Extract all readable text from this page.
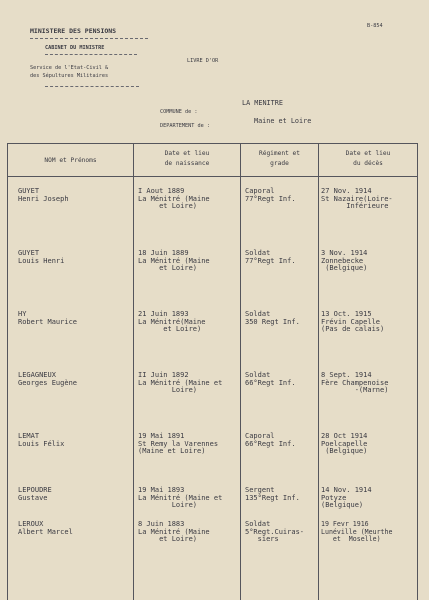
MINISTERE DES PENSIONS
CABINET DU MINISTRE
Service de l'Etat-Civil &
des Sépultures Militaires
B-854
LIVRE D'OR
LA MENITRE
COMMUNE de :
DEPARTEMENT de :
Maine et Loire
NOM et Prénoms
Date et lieu
de naissance
Régiment et
grade
Date et lieu
du décès
GUYET
Henri Joseph
I Aout 1889
La Ménitré (Maine
et Loire)
Caporal
77°Regt Inf.
27 Nov. 1914
St Nazaire(Loire-
Inférieure
GUYET
Louis Henri
18 Juin 1889
La Ménitré (Maine
et Loire)
Soldat
77°Regt Inf.
3 Nov. 1914
Zonnebecke
(Belgique)
HY
Robert Maurice
21 Juin 1893
La Ménitré(Maine
et Loire)
Soldat
350 Regt Inf.
13 Oct. 1915
Frévin Capelle
(Pas de calais)
LEGAGNEUX
Georges Eugène
II Juin 1892
La Ménitré (Maine et
Loire)
Soldat
66°Regt Inf.
8 Sept. 1914
Fère Champenoise
-(Marne)
LEMAT
Louis Félix
19 Mai 1891
St Remy la Varennes
(Maine et Loire)
Caporal
66°Regt Inf.
28 Oct 1914
Poelcapelle
(Belgique)
LEPOUDRE
Gustave
19 Mai 1893
La Ménitré (Maine et
Loire)
Sergent
135°Regt Inf.
14 Nov. 1914
Potyze
(Belgique)
LEROUX
Albert Marcel
8 Juin 1883
La Ménitré (Maine
et Loire)
Soldat
5°Regt.Cuiras-
siers
19 Fevr 1916
Lunéville (Meurthe
et  Moselle)
